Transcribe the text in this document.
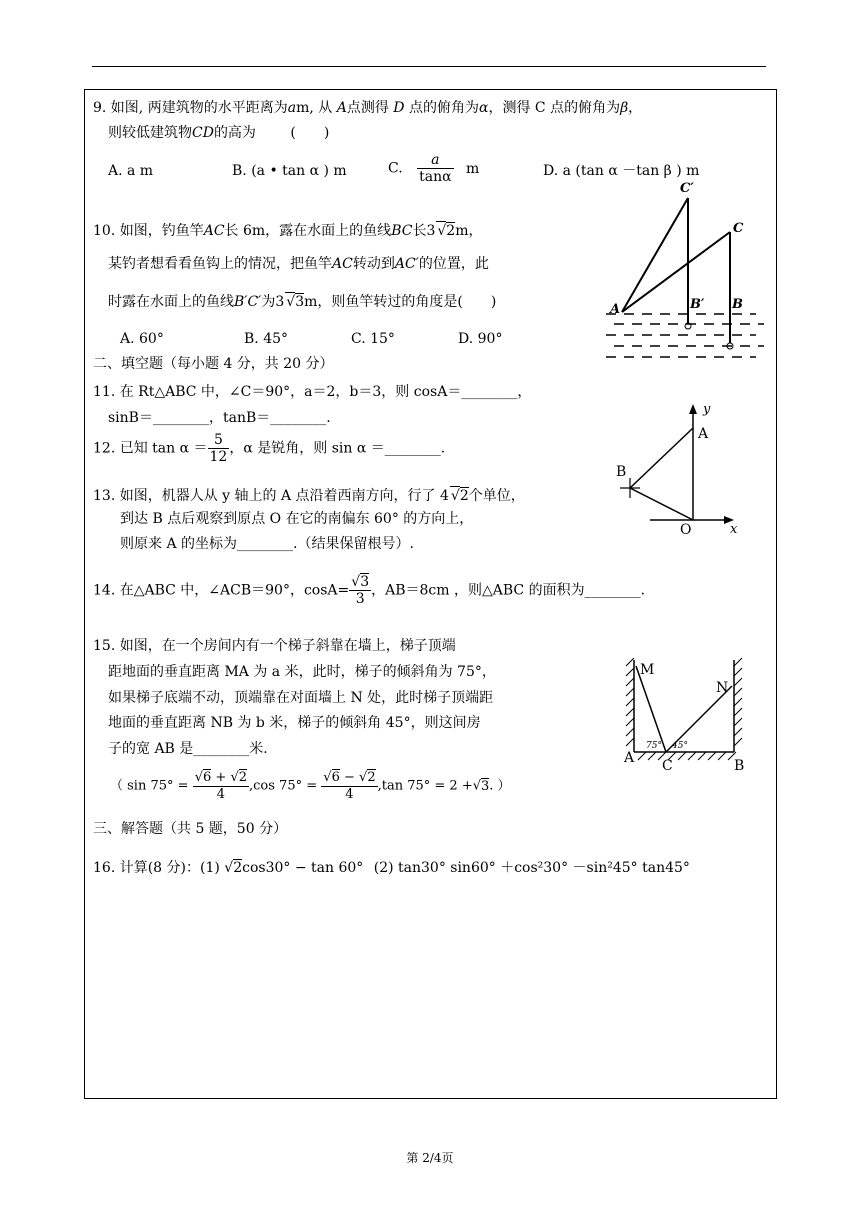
9. 如图, 两建筑物的水平距离为am, 从 A点测得 D 点的俯角为α，测得 C 点的俯角为β，
则较低建筑物CD的高为 (　　)
A. a m	B. (a • tan α ) m	C. $\frac{a}{\tan\alpha}$ m	D. a (tan α －tan β ) m
10. 如图，钓鱼竿AC长 6m，露在水面上的鱼线BC长3 √2m，
某钓者想看看鱼钩上的情况，把鱼竿AC转动到AC′的位置，此
时露在水面上的鱼线B′C′为3 √3m，则鱼竿转过的角度是(　　)
A. 60°	B. 45°	C. 15°	D. 90°
C′
C
A	B′ B
二、填空题（每小题 4 分，共 20 分）
11. 在 Rt△ABC 中，∠C＝90°，a＝2，b＝3，则 cosA＝________，
sinB＝________，tanB＝________.
12. 已知 $\tan \alpha = \frac{5}{12}$ ，α 是锐角，则 sin α ＝________.
13. 如图，机器人从 y 轴上的 A 点沿着西南方向，行了 4 √2个单位，
到达 B 点后观察到原点 O 在它的南偏东 60° 的方向上，
则原来 A 的坐标为________.（结果保留根号）.
y
A
B
O	x
14. 在△ABC 中，∠ACB＝90°，$\cos A= \frac{√3}{3}$ ，AB＝8cm ，则△ABC 的面积为________.
15. 如图，在一个房间内有一个梯子斜靠在墙上，梯子顶端
距地面的垂直距离 MA 为 a 米，此时，梯子的倾斜角为 75°，
如果梯子底端不动，顶端靠在对面墙上 N 处，此时梯子顶端距
地面的垂直距离 NB 为 b 米，梯子的倾斜角 45°，则这间房
子的宽 AB 是________米.
（ $\sin 75^\circ = \frac{√6 + √2}{4} ,\cos$ $75^\circ = \frac{√6 - √2}{4} ,\tan$ 75° = 2 +√3. ）
M
N
A C	B
75° 45°
三、解答题（共 5 题，50 分）
16. 计算(8 分)：(1) √2cos30° − tan 60° (2) tan30° sin60° ＋cos²30° －sin²45° tan45°
第 2/4页
